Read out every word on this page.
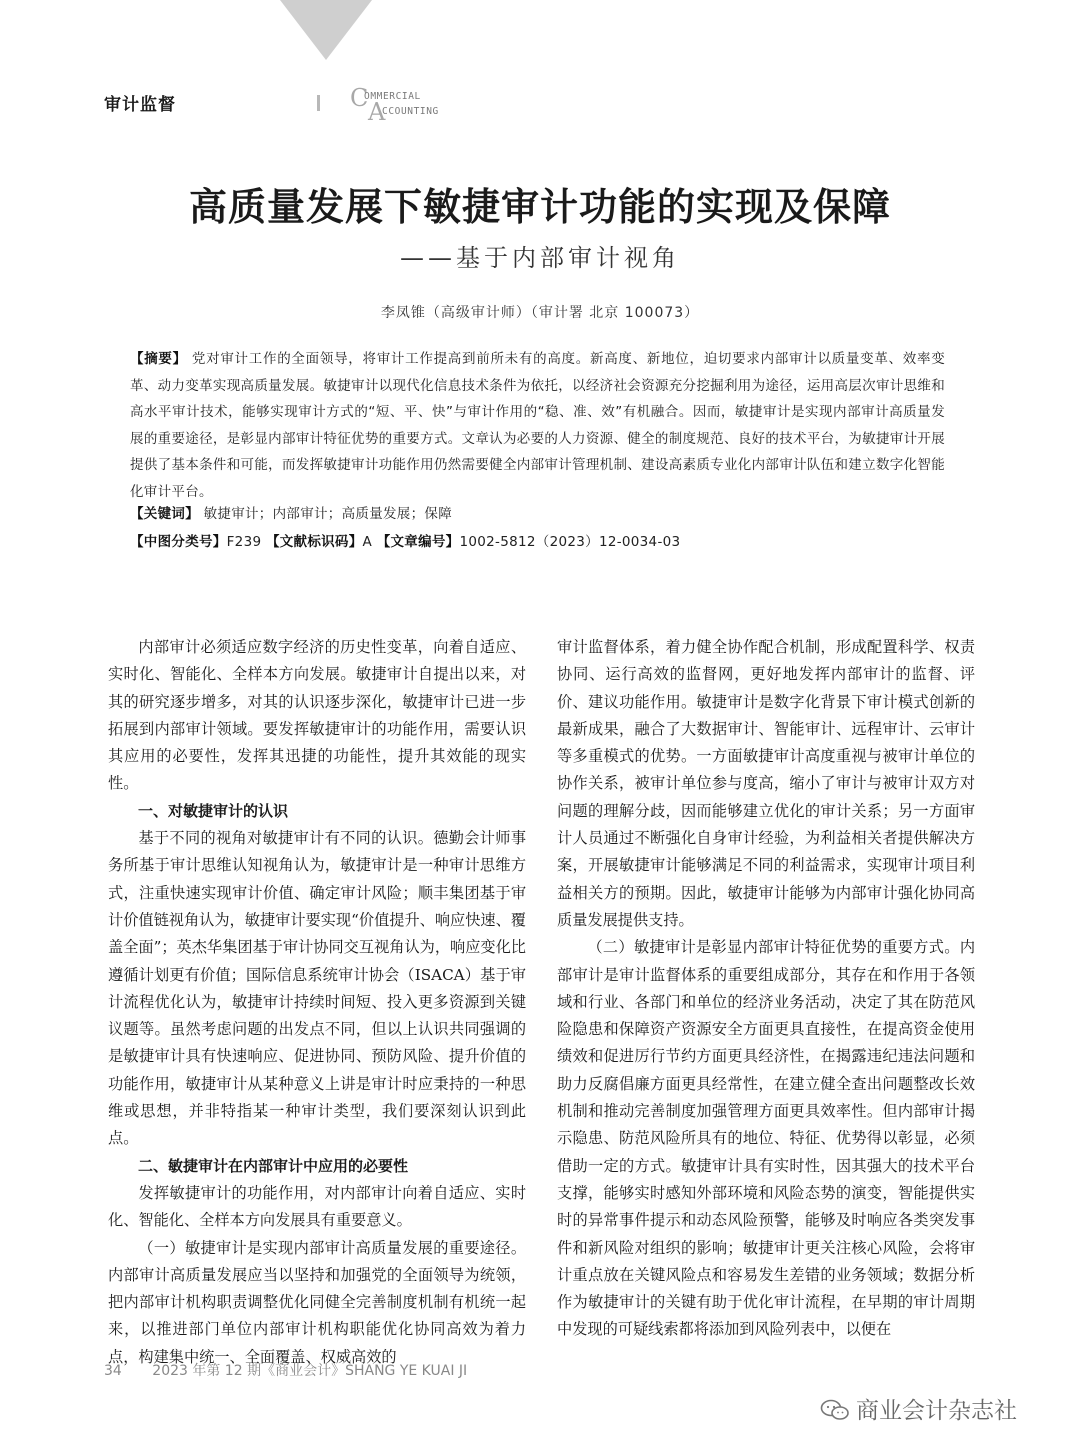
审计监督	C
OMMERCIAL
A
CCOUNTING
高质量发展下敏捷审计功能的实现及保障
——基于内部审计视角
李凤锥（高级审计师）（审计署 北京 100073）
【摘要】 党对审计工作的全面领导，将审计工作提高到前所未有的高度。新高度、新地位，迫切要求内部审计以质量变革、效率变革、动力变革实现高质量发展。敏捷审计以现代化信息技术条件为依托，以经济社会资源充分挖掘利用为途径，运用高层次审计思维和高水平审计技术，能够实现审计方式的“短、平、快”与审计作用的“稳、准、效”有机融合。因而，敏捷审计是实现内部审计高质量发展的重要途径，是彰显内部审计特征优势的重要方式。文章认为必要的人力资源、健全的制度规范、良好的技术平台，为敏捷审计开展提供了基本条件和可能，而发挥敏捷审计功能作用仍然需要健全内部审计管理机制、建设高素质专业化内部审计队伍和建立数字化智能化审计平台。
【关键词】 敏捷审计；内部审计；高质量发展；保障
【中图分类号】F239 【文献标识码】A 【文章编号】1002-5812（2023）12-0034-03

内部审计必须适应数字经济的历史性变革，向着自适应、实时化、智能化、全样本方向发展。敏捷审计自提出以来，对其的研究逐步增多，对其的认识逐步深化，敏捷审计已进一步拓展到内部审计领域。要发挥敏捷审计的功能作用，需要认识其应用的必要性，发挥其迅捷的功能性，提升其效能的现实性。

一、对敏捷审计的认识

基于不同的视角对敏捷审计有不同的认识。德勤会计师事务所基于审计思维认知视角认为，敏捷审计是一种审计思维方式，注重快速实现审计价值、确定审计风险；顺丰集团基于审计价值链视角认为，敏捷审计要实现“价值提升、响应快速、覆盖全面”；英杰华集团基于审计协同交互视角认为，响应变化比遵循计划更有价值；国际信息系统审计协会（ISACA）基于审计流程优化认为，敏捷审计持续时间短、投入更多资源到关键议题等。虽然考虑问题的出发点不同，但以上认识共同强调的是敏捷审计具有快速响应、促进协同、预防风险、提升价值的功能作用，敏捷审计从某种意义上讲是审计时应秉持的一种思维或思想，并非特指某一种审计类型，我们要深刻认识到此点。

二、敏捷审计在内部审计中应用的必要性

发挥敏捷审计的功能作用，对内部审计向着自适应、实时化、智能化、全样本方向发展具有重要意义。

（一）敏捷审计是实现内部审计高质量发展的重要途径。内部审计高质量发展应当以坚持和加强党的全面领导为统领，把内部审计机构职责调整优化同健全完善制度机制有机统一起来，以推进部门单位内部审计机构职能优化协同高效为着力点，构建集中统一、全面覆盖、权威高效的

审计监督体系，着力健全协作配合机制，形成配置科学、权责协同、运行高效的监督网，更好地发挥内部审计的监督、评价、建议功能作用。敏捷审计是数字化背景下审计模式创新的最新成果，融合了大数据审计、智能审计、远程审计、云审计等多重模式的优势。一方面敏捷审计高度重视与被审计单位的协作关系，被审计单位参与度高，缩小了审计与被审计双方对问题的理解分歧，因而能够建立优化的审计关系；另一方面审计人员通过不断强化自身审计经验，为利益相关者提供解决方案，开展敏捷审计能够满足不同的利益需求，实现审计项目利益相关方的预期。因此，敏捷审计能够为内部审计强化协同高质量发展提供支持。

（二）敏捷审计是彰显内部审计特征优势的重要方式。内部审计是审计监督体系的重要组成部分，其存在和作用于各领域和行业、各部门和单位的经济业务活动，决定了其在防范风险隐患和保障资产资源安全方面更具直接性，在提高资金使用绩效和促进厉行节约方面更具经济性，在揭露违纪违法问题和助力反腐倡廉方面更具经常性，在建立健全查出问题整改长效机制和推动完善制度加强管理方面更具效率性。但内部审计揭示隐患、防范风险所具有的地位、特征、优势得以彰显，必须借助一定的方式。敏捷审计具有实时性，因其强大的技术平台支撑，能够实时感知外部环境和风险态势的演变，智能提供实时的异常事件提示和动态风险预警，能够及时响应各类突发事件和新风险对组织的影响；敏捷审计更关注核心风险，会将审计重点放在关键风险点和容易发生差错的业务领域；数据分析作为敏捷审计的关键有助于优化审计流程，在早期的审计周期中发现的可疑线索都将添加到风险列表中，以便在

34 2023 年第 12 期《商业会计》SHANG YE KUAI JI
商业会计杂志社
